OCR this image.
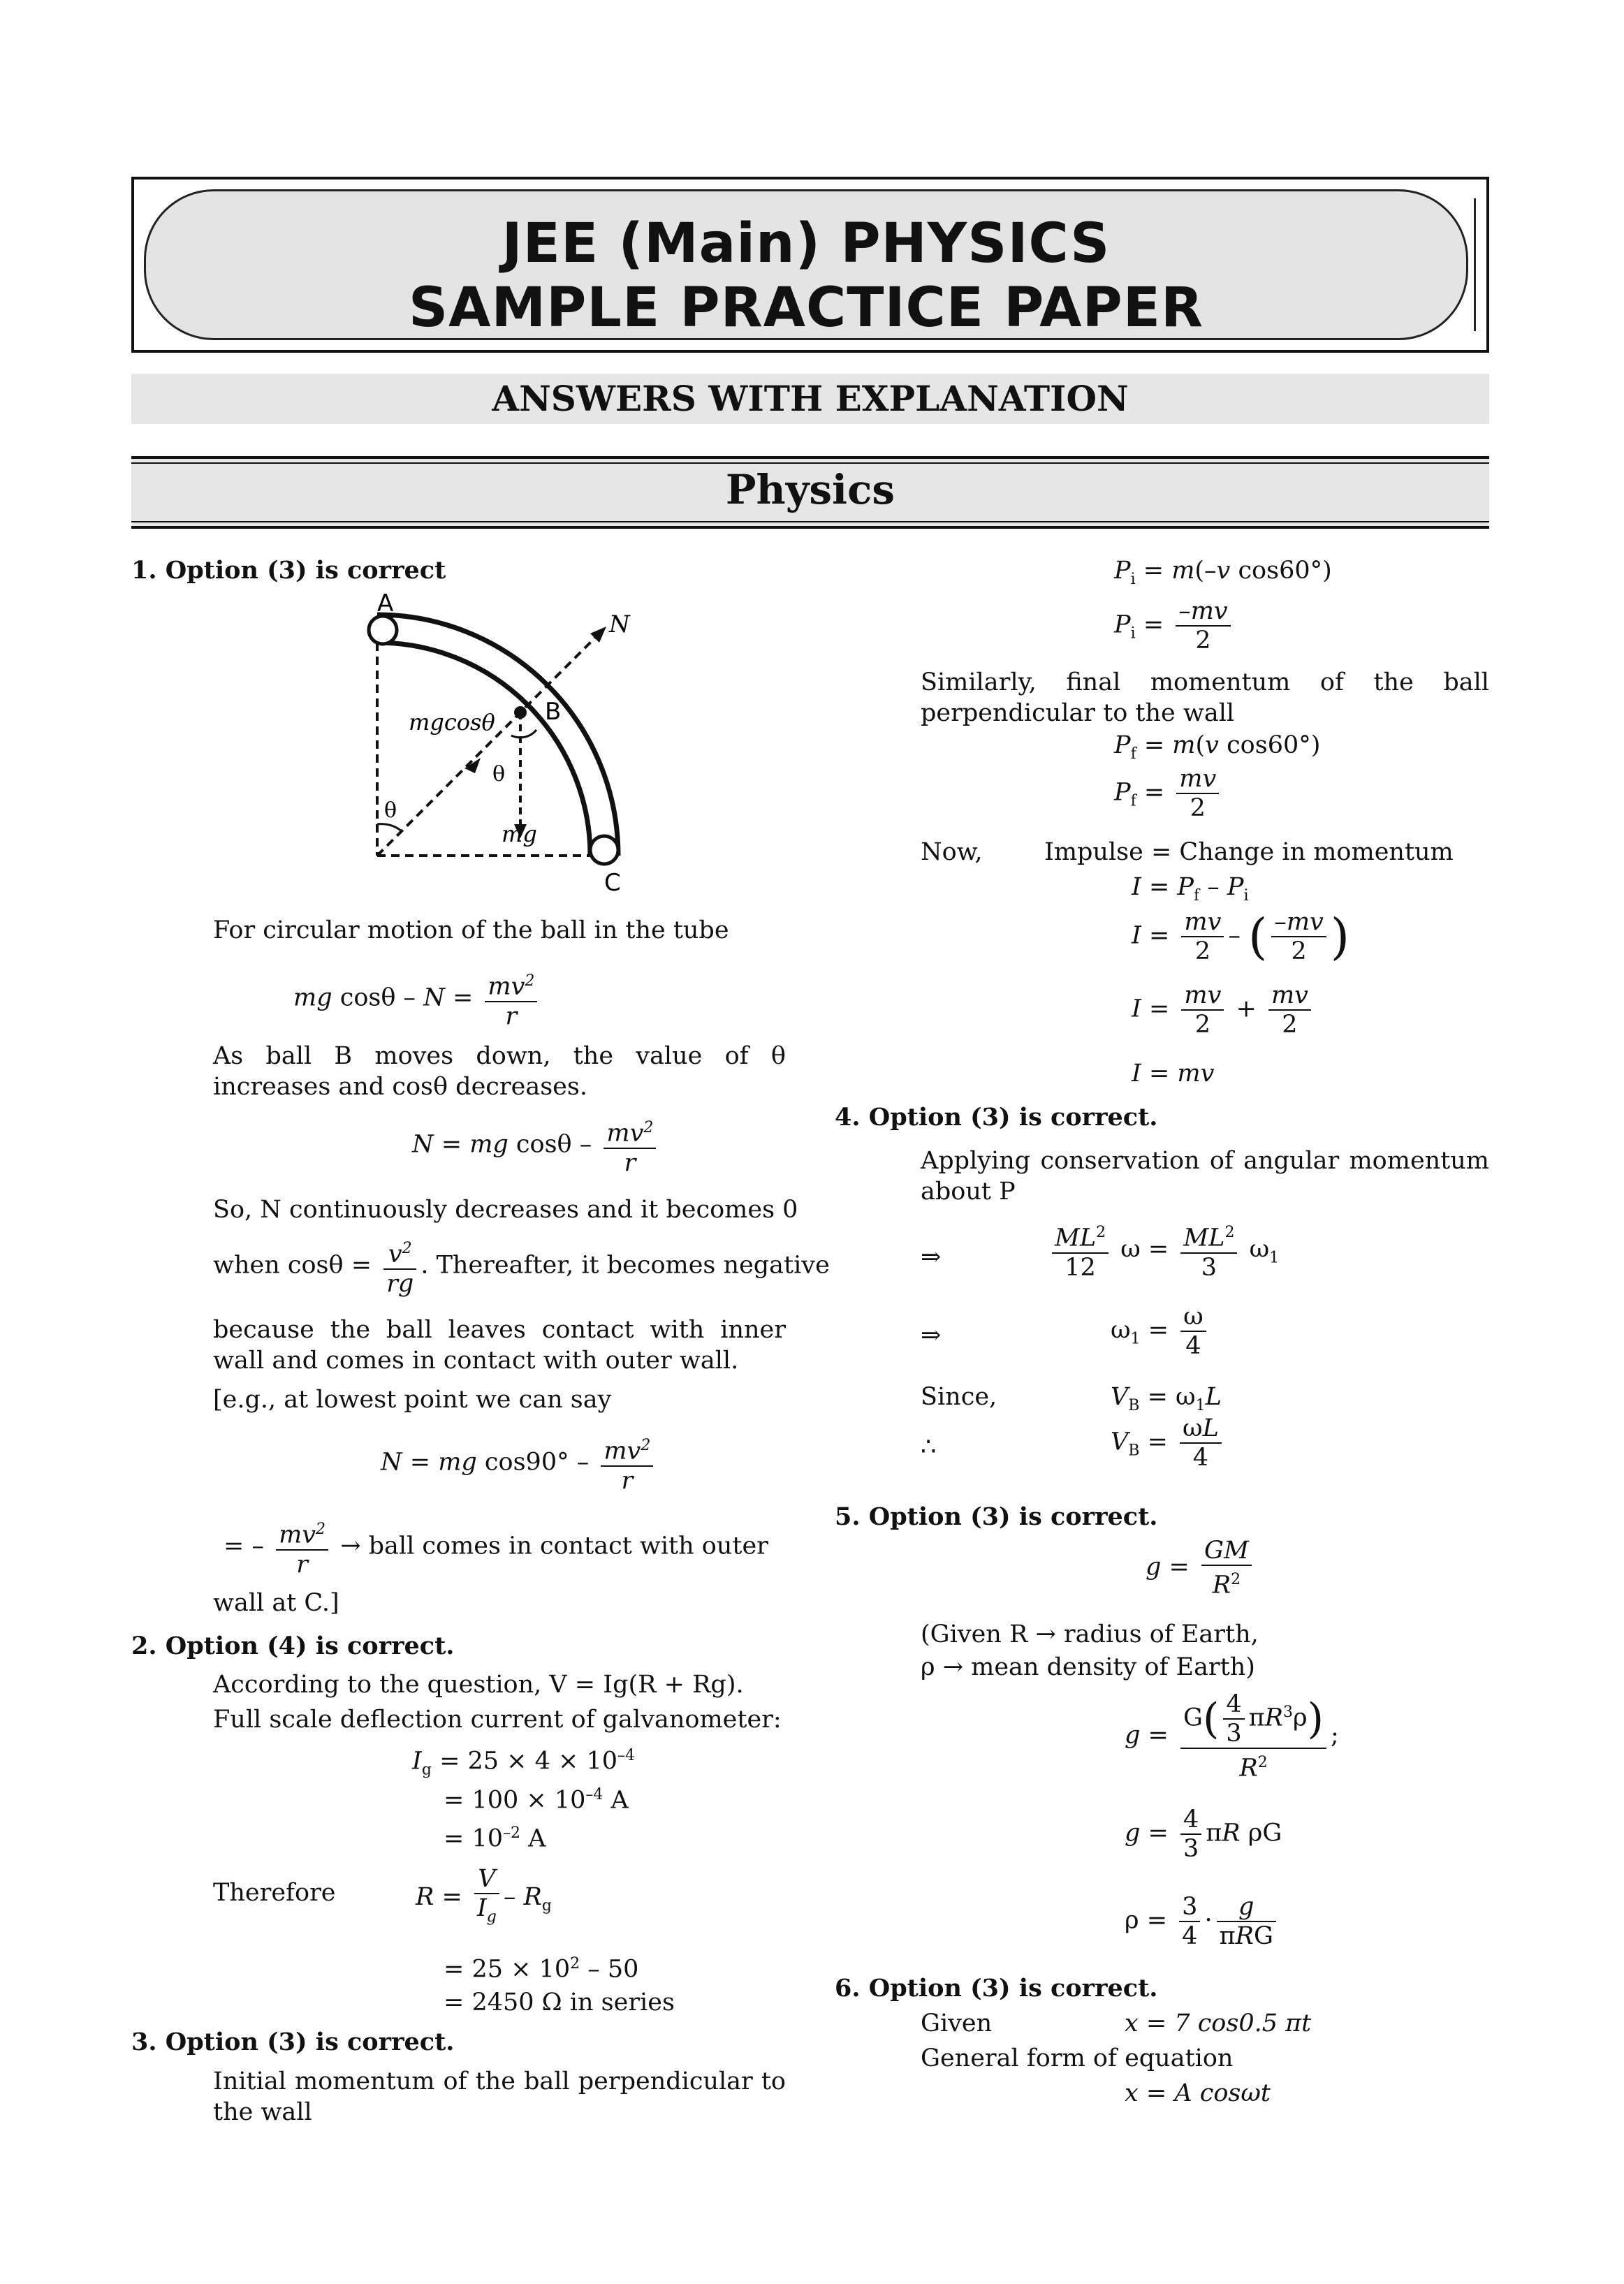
JEE (Main) PHYSICS
SAMPLE PRACTICE PAPER
ANSWERS WITH EXPLANATION
Physics
1. Option (3) is correct
A
B
C
N
mgcosθ
θ
mg
θ
For circular motion of the ball in the tube
mg $\cos\theta - N = \frac{mv^2}{r}$
As ball B moves down, the value of θ increases and cosθ decreases.
N = mg cosθ – $\frac{mv^2}{r}$
So, N continuously decreases and it becomes 0
when $\cos\theta = \frac{v^2}{rg}$ . Thereafter, it becomes negative
because the ball leaves contact with inner wall and comes in contact with outer wall.
[e.g., at lowest point we can say
N = mg $\cos 90^\circ - \frac{mv^2}{r}$
= – $\frac{mv^2}{r}$ → ball comes in contact with outer
wall at C.]
2. Option (4) is correct.
According to the question, V = Ig(R + Rg).
Full scale deflection current of galvanometer:
$I_g = 25 \times 4 \times 10^{-4}$
= $100 \times 10^{-4}$ A
= $10^{-2}$ A
Therefore	$R = \frac{V}{I_g} - R_g$
= $25 \times 10^2 - 50$
= 2450 Ω in series
3. Option (3) is correct.
Initial momentum of the ball perpendicular to the wall
$P_i = m(-v$ cos60°)
$P_i = \frac{-mv}{2}$
Similarly, final momentum of the ball perpendicular to the wall
$P_f = m(v$ cos60°)
$P_f = \frac{mv}{2}$
Now,	Impulse = Change in momentum
$I = P_f - P_i$
$I = \frac{mv}{2}$ – ( $\frac{-mv}{2}$ )
$I = \frac{mv}{2} + \frac{mv}{2}$
I = mv
4. Option (3) is correct.
Applying conservation of angular momentum about P
⇒	$\frac{ML^2}{12}$ $\omega = \frac{ML^2}{3} \omega_1$
⇒	$\omega_1 = \frac{\omega}{4}$
Since,	$V_B = \omega_1L$
∴	$V_B = \frac{\omega L}{4}$
5. Option (3) is correct.
$g = \frac{GM}{R^2}$
(Given R → radius of Earth,
ρ → mean density of Earth)
$g = \frac{G( \frac{4}{3} \pi R^3\rho)}{R^2}$ ;
$g = \frac{4}{3}$ πR ρG
$\rho = \frac{3}{4} \cdot \frac{g}{\text{πRG}}$
6. Option (3) is correct.
Given	x = 7 cos0.5 πt
General form of equation
x = A cosωt
